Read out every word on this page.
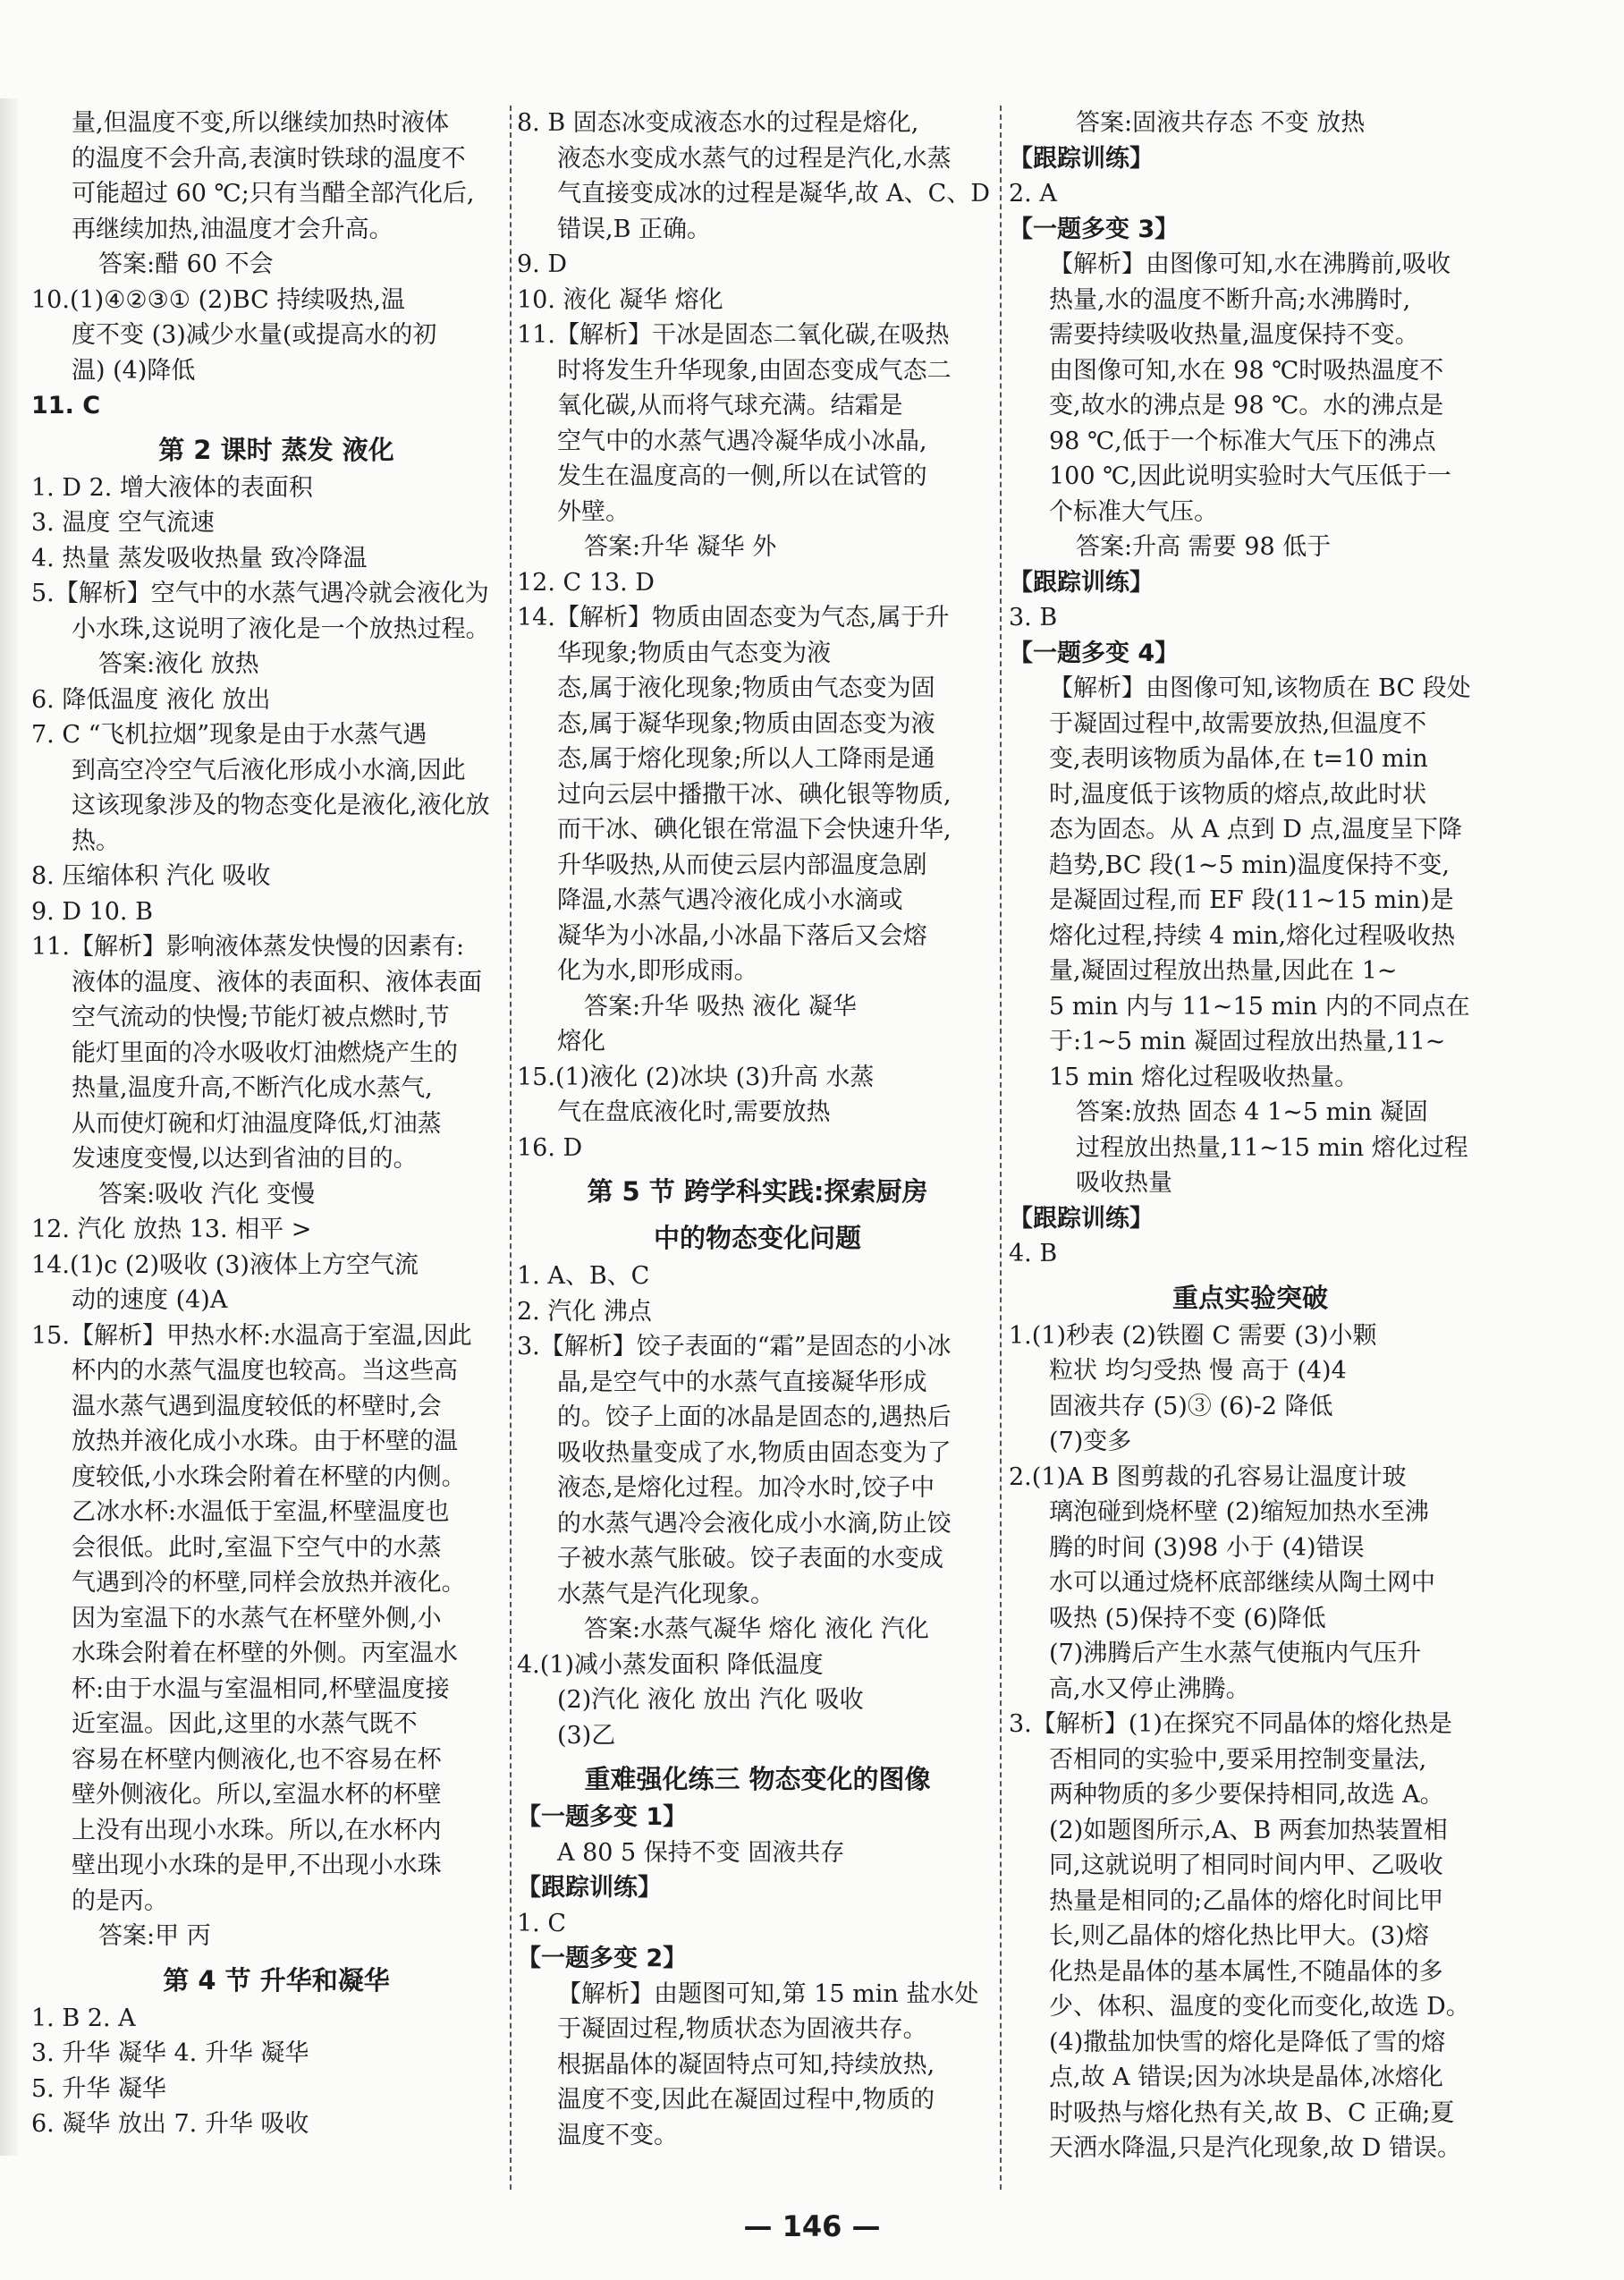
量,但温度不变,所以继续加热时液体
的温度不会升高,表演时铁球的温度不
可能超过 60 ℃;只有当醋全部汽化后,
再继续加热,油温度才会升高。
答案:醋 60 不会
10.(1)④②③① (2)BC 持续吸热,温
度不变 (3)减少水量(或提高水的初
温) (4)降低
11. C
第 2 课时 蒸发 液化
1. D 2. 增大液体的表面积
3. 温度 空气流速
4. 热量 蒸发吸收热量 致冷降温
5.【解析】空气中的水蒸气遇冷就会液化为
小水珠,这说明了液化是一个放热过程。
答案:液化 放热
6. 降低温度 液化 放出
7. C “飞机拉烟”现象是由于水蒸气遇
到高空冷空气后液化形成小水滴,因此
这该现象涉及的物态变化是液化,液化放
热。
8. 压缩体积 汽化 吸收
9. D 10. B
11.【解析】影响液体蒸发快慢的因素有:
液体的温度、液体的表面积、液体表面
空气流动的快慢;节能灯被点燃时,节
能灯里面的冷水吸收灯油燃烧产生的
热量,温度升高,不断汽化成水蒸气,
从而使灯碗和灯油温度降低,灯油蒸
发速度变慢,以达到省油的目的。
答案:吸收 汽化 变慢
12. 汽化 放热 13. 相平 >
14.(1)c (2)吸收 (3)液体上方空气流
动的速度 (4)A
15.【解析】甲热水杯:水温高于室温,因此
杯内的水蒸气温度也较高。当这些高
温水蒸气遇到温度较低的杯壁时,会
放热并液化成小水珠。由于杯壁的温
度较低,小水珠会附着在杯壁的内侧。
乙冰水杯:水温低于室温,杯壁温度也
会很低。此时,室温下空气中的水蒸
气遇到冷的杯壁,同样会放热并液化。
因为室温下的水蒸气在杯壁外侧,小
水珠会附着在杯壁的外侧。丙室温水
杯:由于水温与室温相同,杯壁温度接
近室温。因此,这里的水蒸气既不
容易在杯壁内侧液化,也不容易在杯
壁外侧液化。所以,室温水杯的杯壁
上没有出现小水珠。所以,在水杯内
壁出现小水珠的是甲,不出现小水珠
的是丙。
答案:甲 丙
第 4 节 升华和凝华
1. B 2. A
3. 升华 凝华 4. 升华 凝华
5. 升华 凝华
6. 凝华 放出 7. 升华 吸收
8. B 固态冰变成液态水的过程是熔化,
液态水变成水蒸气的过程是汽化,水蒸
气直接变成冰的过程是凝华,故 A、C、D
错误,B 正确。
9. D
10. 液化 凝华 熔化
11.【解析】干冰是固态二氧化碳,在吸热
时将发生升华现象,由固态变成气态二
氧化碳,从而将气球充满。结霜是
空气中的水蒸气遇冷凝华成小冰晶,
发生在温度高的一侧,所以在试管的
外壁。
答案:升华 凝华 外
12. C 13. D
14.【解析】物质由固态变为气态,属于升
华现象;物质由气态变为液
态,属于液化现象;物质由气态变为固
态,属于凝华现象;物质由固态变为液
态,属于熔化现象;所以人工降雨是通
过向云层中播撒干冰、碘化银等物质,
而干冰、碘化银在常温下会快速升华,
升华吸热,从而使云层内部温度急剧
降温,水蒸气遇冷液化成小水滴或
凝华为小冰晶,小冰晶下落后又会熔
化为水,即形成雨。
答案:升华 吸热 液化 凝华
熔化
15.(1)液化 (2)冰块 (3)升高 水蒸
气在盘底液化时,需要放热
16. D
第 5 节 跨学科实践:探索厨房
中的物态变化问题
1. A、B、C
2. 汽化 沸点
3.【解析】饺子表面的“霜”是固态的小冰
晶,是空气中的水蒸气直接凝华形成
的。饺子上面的冰晶是固态的,遇热后
吸收热量变成了水,物质由固态变为了
液态,是熔化过程。加冷水时,饺子中
的水蒸气遇冷会液化成小水滴,防止饺
子被水蒸气胀破。饺子表面的水变成
水蒸气是汽化现象。
答案:水蒸气凝华 熔化 液化 汽化
4.(1)减小蒸发面积 降低温度
(2)汽化 液化 放出 汽化 吸收
(3)乙
重难强化练三 物态变化的图像
【一题多变 1】
A 80 5 保持不变 固液共存
【跟踪训练】
1. C
【一题多变 2】
【解析】由题图可知,第 15 min 盐水处
于凝固过程,物质状态为固液共存。
根据晶体的凝固特点可知,持续放热,
温度不变,因此在凝固过程中,物质的
温度不变。
答案:固液共存态 不变 放热
【跟踪训练】
2. A
【一题多变 3】
【解析】由图像可知,水在沸腾前,吸收
热量,水的温度不断升高;水沸腾时,
需要持续吸收热量,温度保持不变。
由图像可知,水在 98 ℃时吸热温度不
变,故水的沸点是 98 ℃。水的沸点是
98 ℃,低于一个标准大气压下的沸点
100 ℃,因此说明实验时大气压低于一
个标准大气压。
答案:升高 需要 98 低于
【跟踪训练】
3. B
【一题多变 4】
【解析】由图像可知,该物质在 BC 段处
于凝固过程中,故需要放热,但温度不
变,表明该物质为晶体,在 t=10 min
时,温度低于该物质的熔点,故此时状
态为固态。从 A 点到 D 点,温度呈下降
趋势,BC 段(1~5 min)温度保持不变,
是凝固过程,而 EF 段(11~15 min)是
熔化过程,持续 4 min,熔化过程吸收热
量,凝固过程放出热量,因此在 1~
5 min 内与 11~15 min 内的不同点在
于:1~5 min 凝固过程放出热量,11~
15 min 熔化过程吸收热量。
答案:放热 固态 4 1~5 min 凝固
过程放出热量,11~15 min 熔化过程
吸收热量
【跟踪训练】
4. B
重点实验突破
1.(1)秒表 (2)铁圈 C 需要 (3)小颗
粒状 均匀受热 慢 高于 (4)4
固液共存 (5)③ (6)-2 降低
(7)变多
2.(1)A B 图剪裁的孔容易让温度计玻
璃泡碰到烧杯壁 (2)缩短加热水至沸
腾的时间 (3)98 小于 (4)错误
水可以通过烧杯底部继续从陶土网中
吸热 (5)保持不变 (6)降低
(7)沸腾后产生水蒸气使瓶内气压升
高,水又停止沸腾。
3.【解析】(1)在探究不同晶体的熔化热是
否相同的实验中,要采用控制变量法,
两种物质的多少要保持相同,故选 A。
(2)如题图所示,A、B 两套加热装置相
同,这就说明了相同时间内甲、乙吸收
热量是相同的;乙晶体的熔化时间比甲
长,则乙晶体的熔化热比甲大。(3)熔
化热是晶体的基本属性,不随晶体的多
少、体积、温度的变化而变化,故选 D。
(4)撒盐加快雪的熔化是降低了雪的熔
点,故 A 错误;因为冰块是晶体,冰熔化
时吸热与熔化热有关,故 B、C 正确;夏
天洒水降温,只是汽化现象,故 D 错误。
— 146 —
